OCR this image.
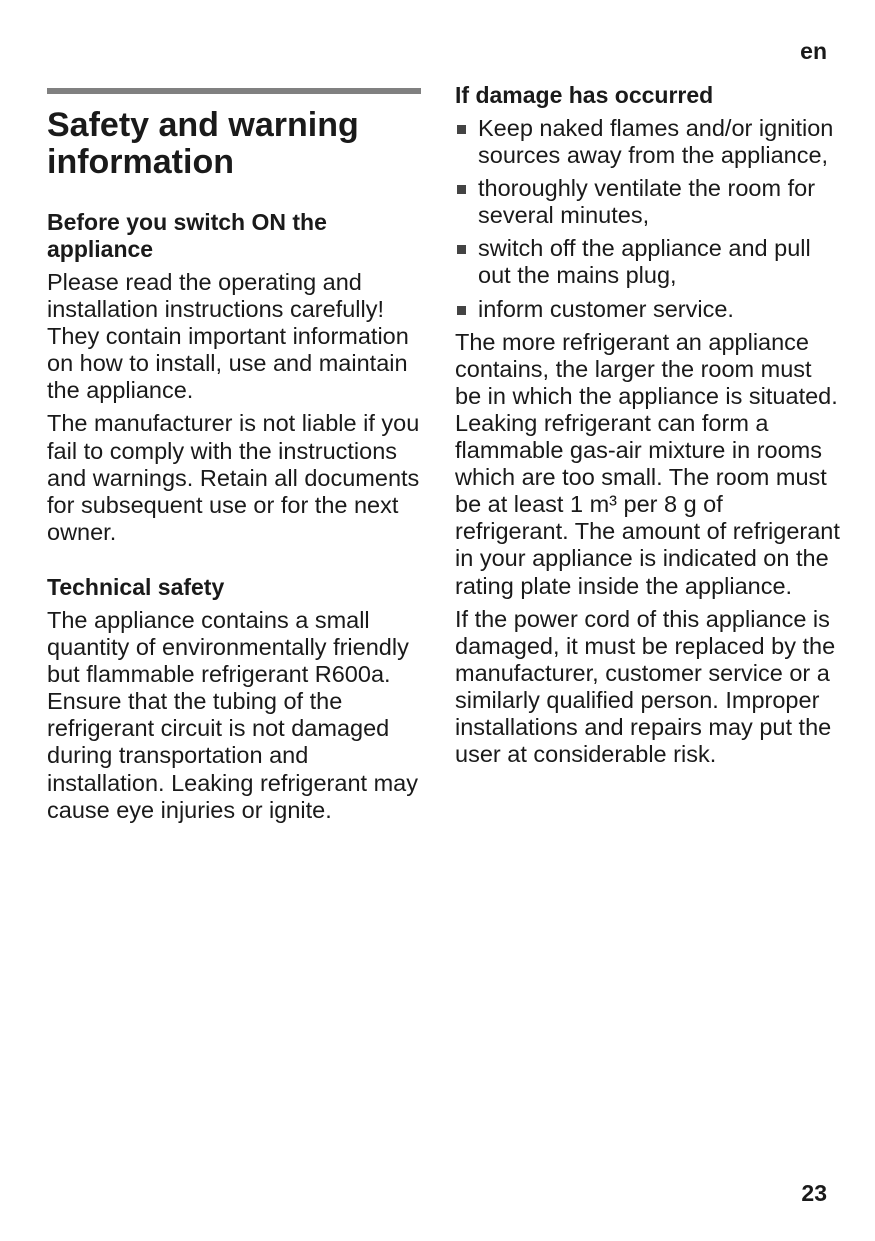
en
Safety and warning information
Before you switch ON the appliance

Please read the operating and installation instructions carefully! They contain important information on how to install, use and maintain the appliance.

The manufacturer is not liable if you fail to comply with the instructions and warnings. Retain all documents for subsequent use or for the next owner.

Technical safety

The appliance contains a small quantity of environmentally friendly but flammable refrigerant R600a. Ensure that the tubing of the refrigerant circuit is not damaged during transportation and installation. Leaking refrigerant may cause eye injuries or ignite.

If damage has occurred
Keep naked flames and/or ignition sources away from the appliance,
thoroughly ventilate the room for several minutes,
switch off the appliance and pull out the mains plug,
inform customer service.

The more refrigerant an appliance contains, the larger the room must be in which the appliance is situated. Leaking refrigerant can form a flammable gas-air mixture in rooms which are too small. The room must be at least 1 m³ per 8 g of refrigerant. The amount of refrigerant in your appliance is indicated on the rating plate inside the appliance.

If the power cord of this appliance is damaged, it must be replaced by the manufacturer, customer service or a similarly qualified person. Improper installations and repairs may put the user at considerable risk.

23
